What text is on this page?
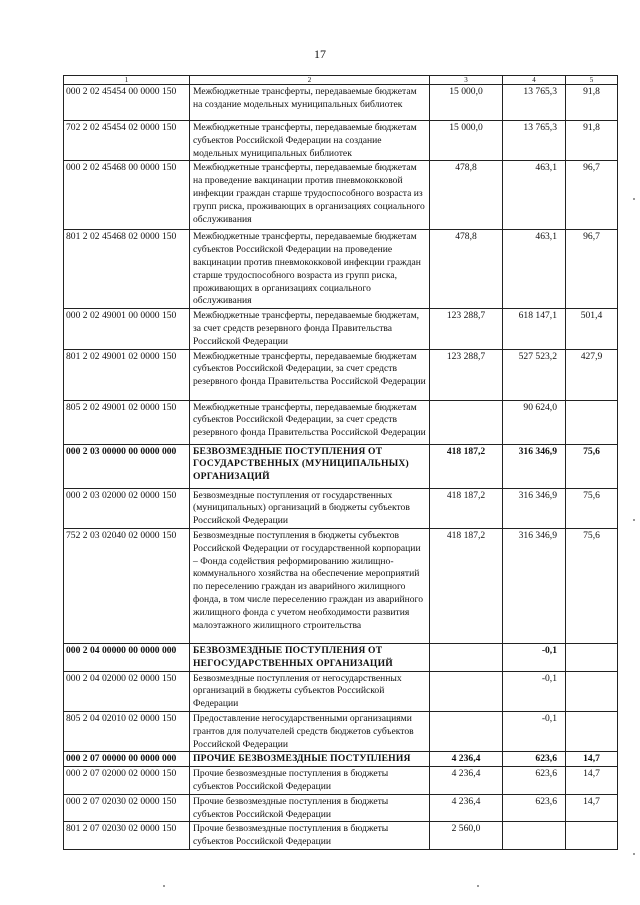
17
1	2	3	4	5
000 2 02 45454 00 0000 150	Межбюджетные трансферты, передаваемые бюджетам на создание модельных муниципальных библиотек	15 000,0	13 765,3	91,8
702 2 02 45454 02 0000 150	Межбюджетные трансферты, передаваемые бюджетам субъектов Российской Федерации на создание модельных муниципальных библиотек	15 000,0	13 765,3	91,8
000 2 02 45468 00 0000 150	Межбюджетные трансферты, передаваемые бюджетам на проведение вакцинации против пневмококковой инфекции граждан старше трудоспособного возраста из групп риска, проживающих в организациях социального обслуживания	478,8	463,1	96,7
801 2 02 45468 02 0000 150	Межбюджетные трансферты, передаваемые бюджетам субъектов Российской Федерации на проведение вакцинации против пневмококковой инфекции граждан старше трудоспособного возраста из групп риска, проживающих в организациях социального обслуживания	478,8	463,1	96,7
000 2 02 49001 00 0000 150	Межбюджетные трансферты, передаваемые бюджетам, за счет средств резервного фонда Правительства Российской Федерации	123 288,7	618 147,1	501,4
801 2 02 49001 02 0000 150	Межбюджетные трансферты, передаваемые бюджетам субъектов Российской Федерации, за счет средств резервного фонда Правительства Российской Федерации	123 288,7	527 523,2	427,9
805 2 02 49001 02 0000 150	Межбюджетные трансферты, передаваемые бюджетам субъектов Российской Федерации, за счет средств резервного фонда Правительства Российской Федерации		90 624,0	
000 2 03 00000 00 0000 000	БЕЗВОЗМЕЗДНЫЕ ПОСТУПЛЕНИЯ ОТ ГОСУДАРСТВЕННЫХ (МУНИЦИПАЛЬНЫХ) ОРГАНИЗАЦИЙ	418 187,2	316 346,9	75,6
000 2 03 02000 02 0000 150	Безвозмездные поступления от государственных (муниципальных) организаций в бюджеты субъектов Российской Федерации	418 187,2	316 346,9	75,6
752 2 03 02040 02 0000 150	Безвозмездные поступления в бюджеты субъектов Российской Федерации от государственной корпорации – Фонда содействия реформированию жилищно-коммунального хозяйства на обеспечение мероприятий по переселению граждан из аварийного жилищного фонда, в том числе переселению граждан из аварийного жилищного фонда с учетом необходимости развития малоэтажного жилищного строительства	418 187,2	316 346,9	75,6
000 2 04 00000 00 0000 000	БЕЗВОЗМЕЗДНЫЕ ПОСТУПЛЕНИЯ ОТ НЕГОСУДАРСТВЕННЫХ ОРГАНИЗАЦИЙ		-0,1	
000 2 04 02000 02 0000 150	Безвозмездные поступления от негосударственных организаций в бюджеты субъектов Российской Федерации		-0,1	
805 2 04 02010 02 0000 150	Предоставление негосударственными организациями грантов для получателей средств бюджетов субъектов Российской Федерации		-0,1	
000 2 07 00000 00 0000 000	ПРОЧИЕ БЕЗВОЗМЕЗДНЫЕ ПОСТУПЛЕНИЯ	4 236,4	623,6	14,7
000 2 07 02000 02 0000 150	Прочие безвозмездные поступления в бюджеты субъектов Российской Федерации	4 236,4	623,6	14,7
000 2 07 02030 02 0000 150	Прочие безвозмездные поступления в бюджеты субъектов Российской Федерации	4 236,4	623,6	14,7
801 2 07 02030 02 0000 150	Прочие безвозмездные поступления в бюджеты субъектов Российской Федерации	2 560,0		
